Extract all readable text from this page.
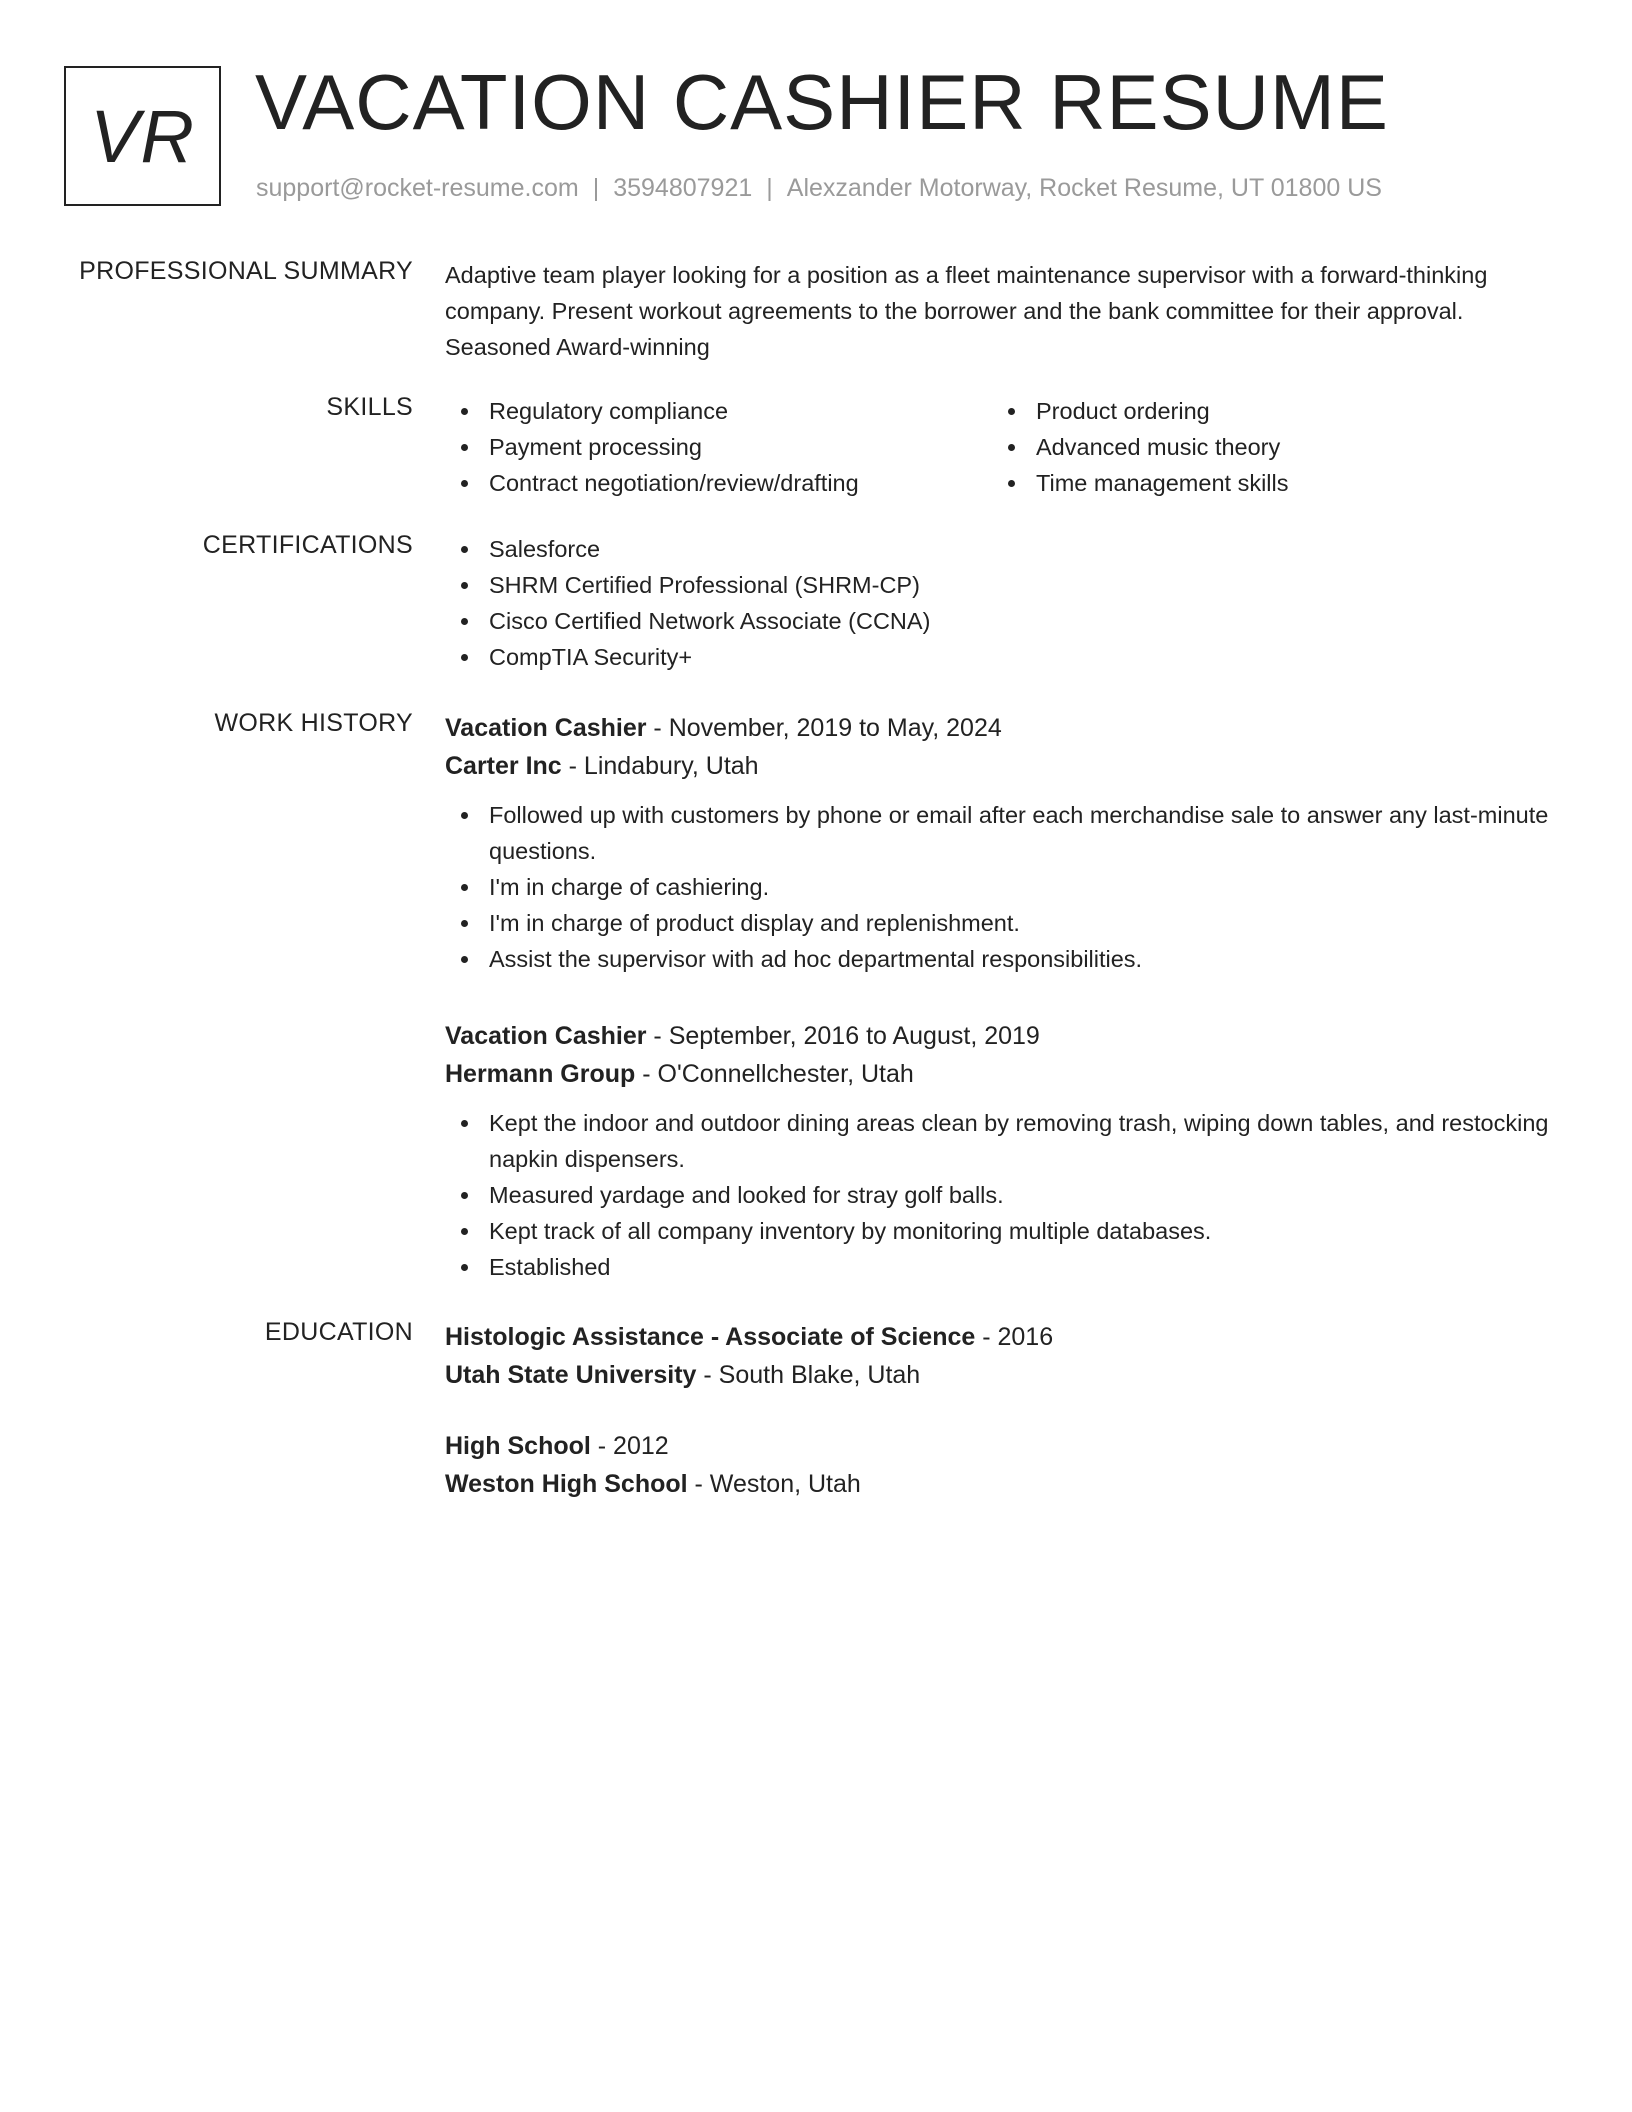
VR VACATION CASHIER RESUME
support@rocket-resume.com | 3594807921 | Alexzander Motorway, Rocket Resume, UT 01800 US
PROFESSIONAL SUMMARY Adaptive team player looking for a position as a fleet maintenance supervisor with a forward-thinking company. Present workout agreements to the borrower and the bank committee for their approval. Seasoned Award-winning

SKILLS	Regulatory compliance
Payment processing
Contract negotiation/review/drafting
Product ordering
Advanced music theory
Time management skills
CERTIFICATIONS	Salesforce
SHRM Certified Professional (SHRM-CP)
Cisco Certified Network Associate (CCNA)
CompTIA Security+
WORK HISTORY Vacation Cashier - November, 2019 to May, 2024
Carter Inc - Lindabury, Utah
Followed up with customers by phone or email after each merchandise sale to answer any last-minute questions.
I'm in charge of cashiering.
I'm in charge of product display and replenishment.
Assist the supervisor with ad hoc departmental responsibilities.
Vacation Cashier - September, 2016 to August, 2019
Hermann Group - O'Connellchester, Utah
Kept the indoor and outdoor dining areas clean by removing trash, wiping down tables, and restocking napkin dispensers.
Measured yardage and looked for stray golf balls.
Kept track of all company inventory by monitoring multiple databases.
Established
EDUCATION Histologic Assistance - Associate of Science - 2016
Utah State University - South Blake, Utah
High School - 2012
Weston High School - Weston, Utah
